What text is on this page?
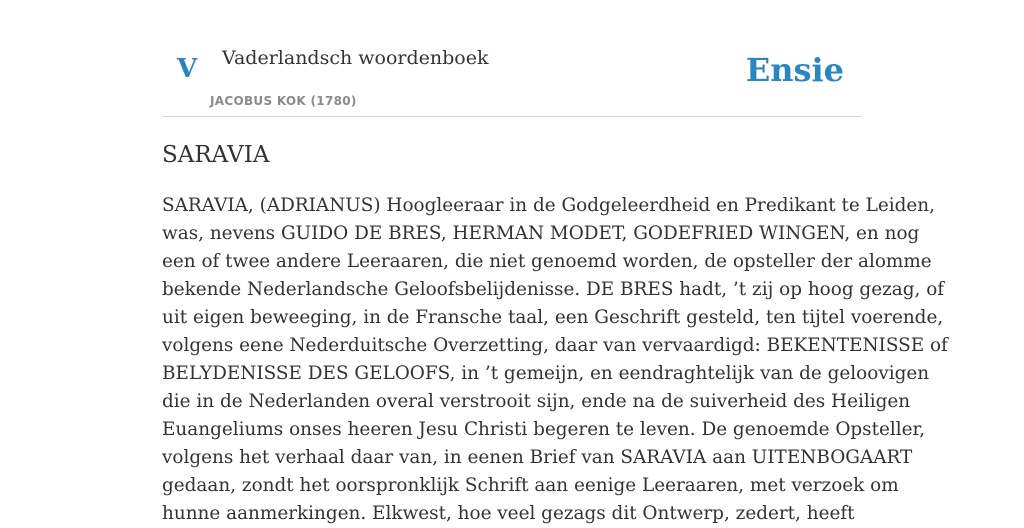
V Vaderlandsch woordenboek
JACOBUS KOK (1780)
Ensie
SARAVIA
SARAVIA, (ADRIANUS) Hoogleeraar in de Godgeleerdheid en Predikant te Leiden,
was, nevens GUIDO DE BRES, HERMAN MODET, GODEFRIED WINGEN, en nog
een of twee andere Leeraaren, die niet genoemd worden, de opsteller der alomme
bekende Nederlandsche Geloofsbelijdenisse. DE BRES hadt, ’t zij op hoog gezag, of
uit eigen beweeging, in de Fransche taal, een Geschrift gesteld, ten tijtel voerende,
volgens eene Nederduitsche Overzetting, daar van vervaardigd: BEKENTENISSE of
BELYDENISSE DES GELOOFS, in ’t gemeijn, en eendraghtelijk van de geloovigen
die in de Nederlanden overal verstrooit sijn, ende na de suiverheid des Heiligen
Euangeliums onses heeren Jesu Christi begeren te leven. De genoemde Opsteller,
volgens het verhaal daar van, in eenen Brief van SARAVIA aan UITENBOGAART
gedaan, zondt het oorspronklijk Schrift aan eenige Leeraaren, met verzoek om
hunne aanmerkingen. Elkwest, hoe veel gezags dit Ontwerp, zedert, heeft
